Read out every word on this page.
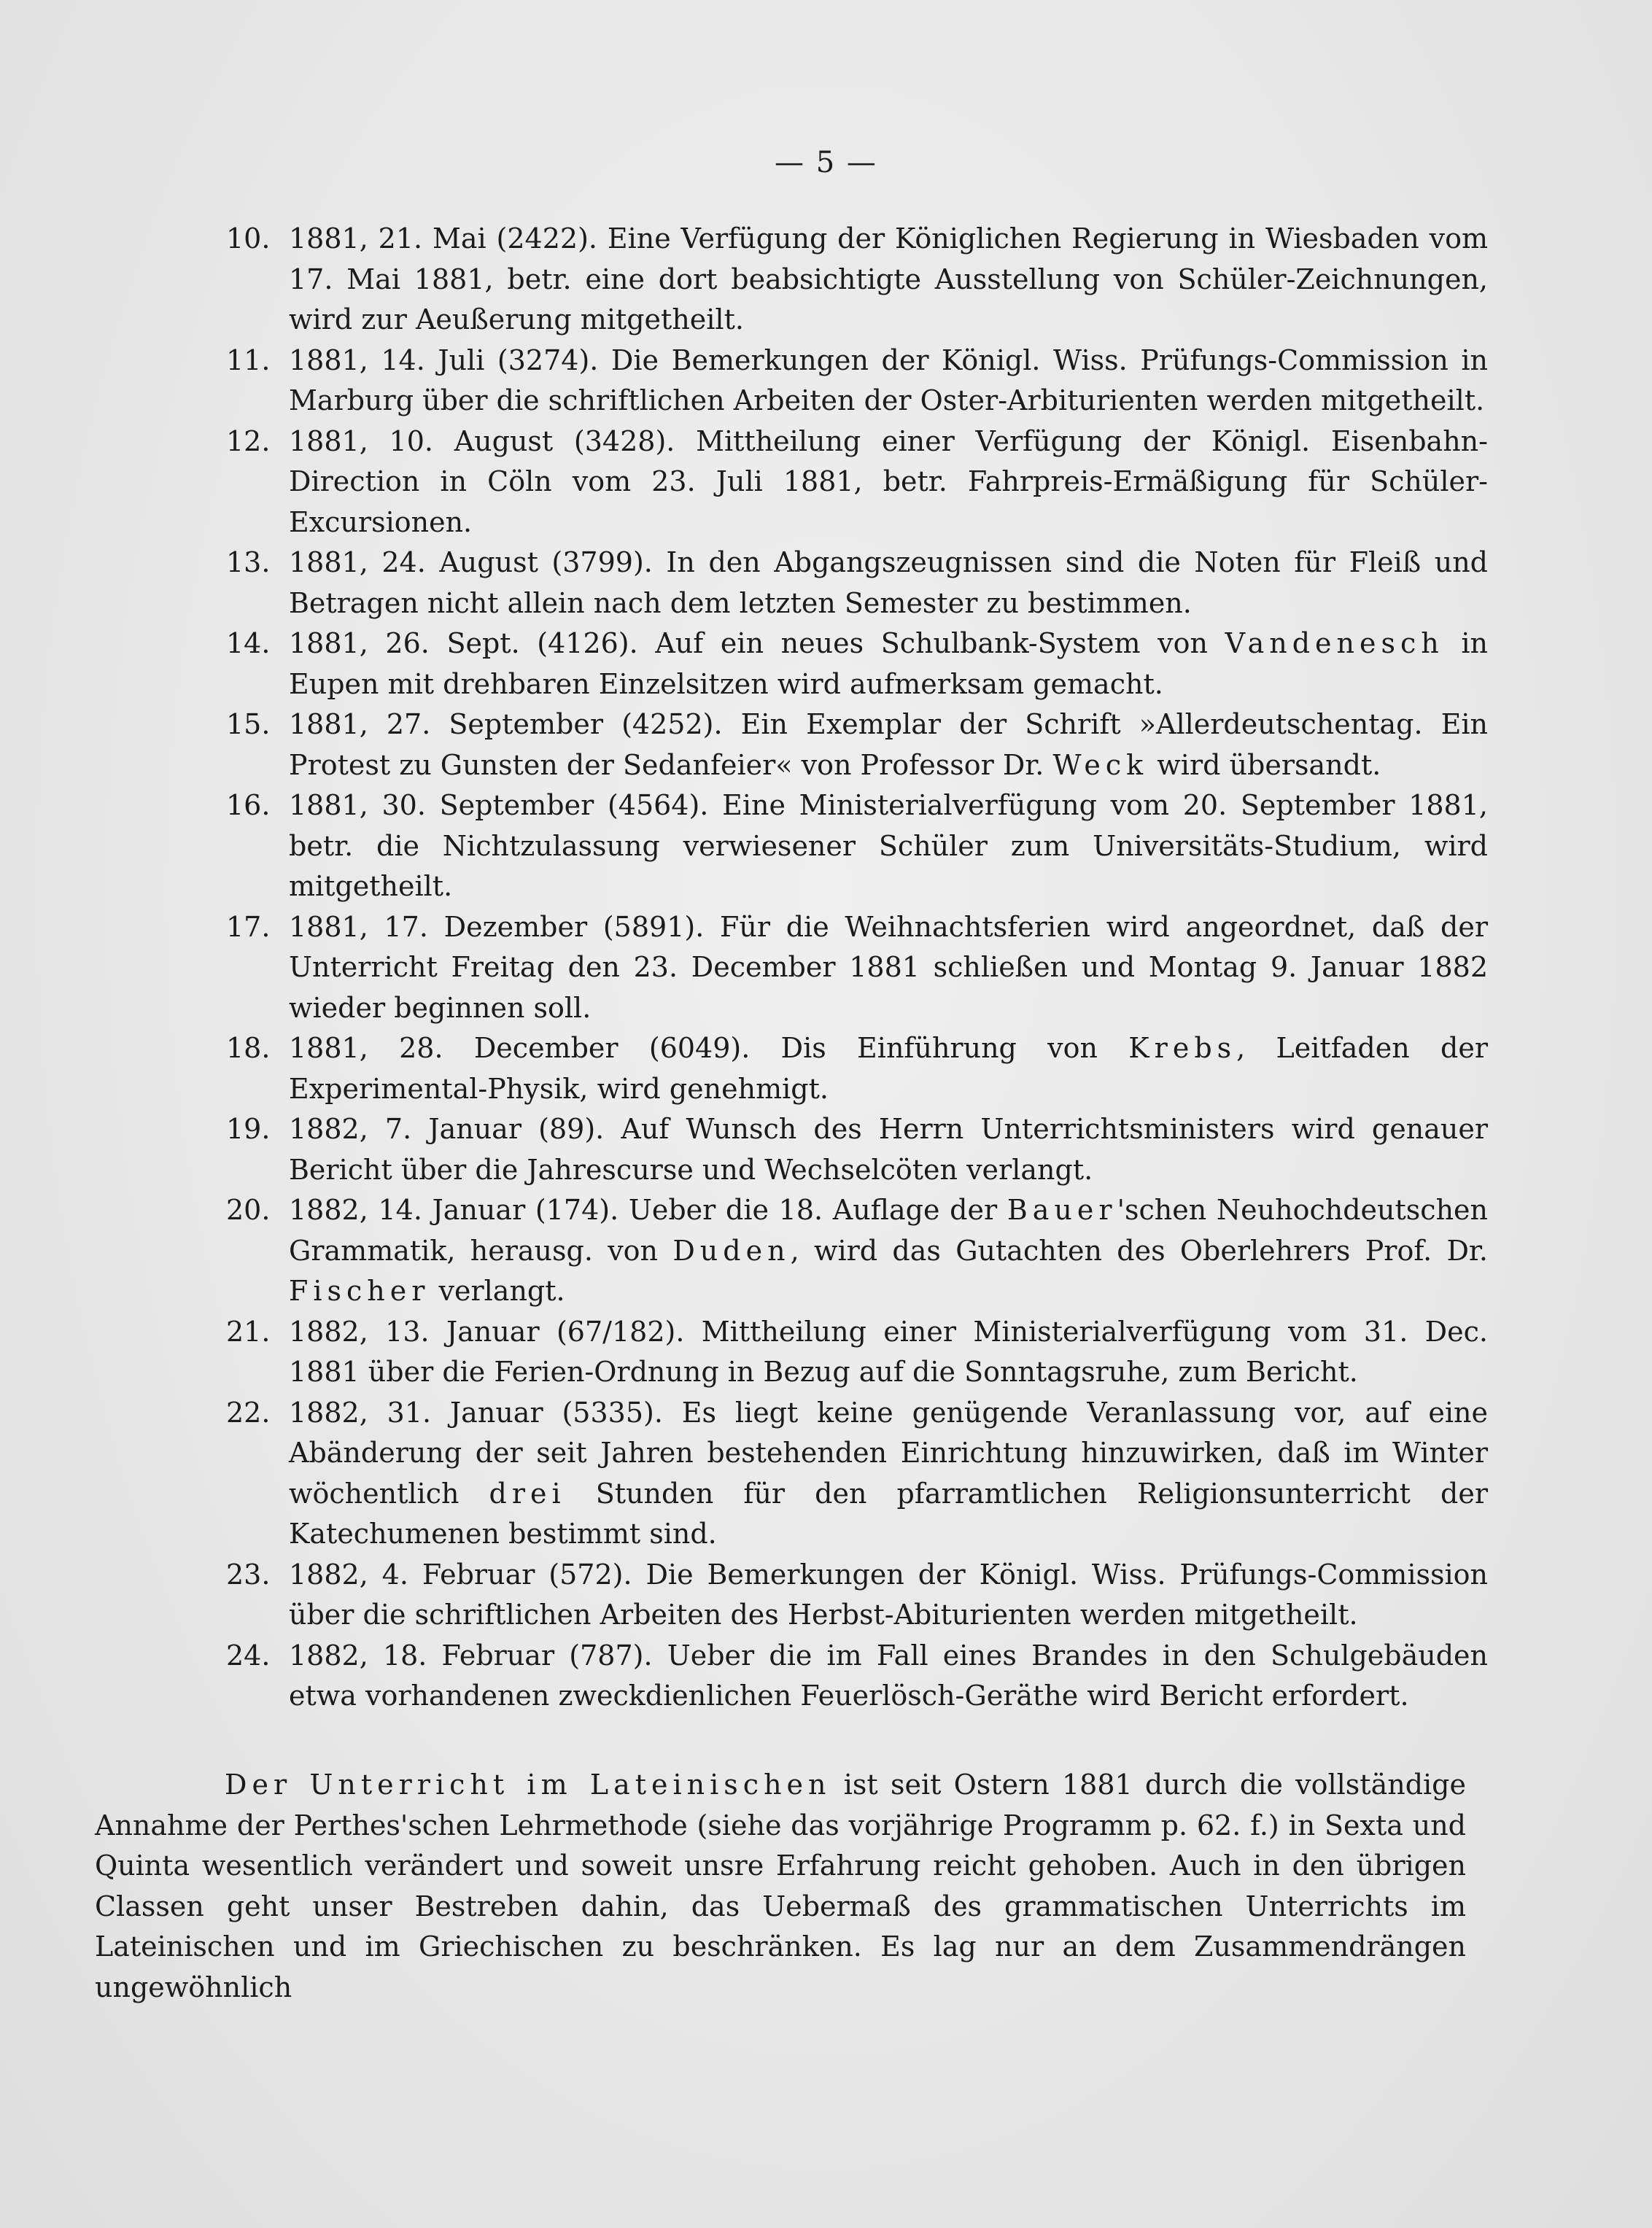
— 5 —
10. 1881, 21. Mai (2422). Eine Verfügung der Königlichen Regierung in Wiesbaden vom 17. Mai 1881, betr. eine dort beabsichtigte Ausstellung von Schüler-Zeichnungen, wird zur Aeußerung mitgetheilt.
11. 1881, 14. Juli (3274). Die Bemerkungen der Königl. Wiss. Prüfungs-Commission in Marburg über die schriftlichen Arbeiten der Oster-Arbiturienten werden mitgetheilt.
12. 1881, 10. August (3428). Mittheilung einer Verfügung der Königl. Eisenbahn-Direction in Cöln vom 23. Juli 1881, betr. Fahrpreis-Ermäßigung für Schüler-Excursionen.
13. 1881, 24. August (3799). In den Abgangszeugnissen sind die Noten für Fleiß und Betragen nicht allein nach dem letzten Semester zu bestimmen.
14. 1881, 26. Sept. (4126). Auf ein neues Schulbank-System von Vandenesch in Eupen mit drehbaren Einzelsitzen wird aufmerksam gemacht.
15. 1881, 27. September (4252). Ein Exemplar der Schrift »Allerdeutschentag. Ein Protest zu Gunsten der Sedanfeier« von Professor Dr. Weck wird übersandt.
16. 1881, 30. September (4564). Eine Ministerialverfügung vom 20. September 1881, betr. die Nichtzulassung verwiesener Schüler zum Universitäts-Studium, wird mitgetheilt.
17. 1881, 17. Dezember (5891). Für die Weihnachtsferien wird angeordnet, daß der Unterricht Freitag den 23. December 1881 schließen und Montag 9. Januar 1882 wieder beginnen soll.
18. 1881, 28. December (6049). Dis Einführung von Krebs, Leitfaden der Experimental-Physik, wird genehmigt.
19. 1882, 7. Januar (89). Auf Wunsch des Herrn Unterrichtsministers wird genauer Bericht über die Jahrescurse und Wechselcöten verlangt.
20. 1882, 14. Januar (174). Ueber die 18. Auflage der Bauer'schen Neuhochdeutschen Grammatik, herausg. von Duden, wird das Gutachten des Oberlehrers Prof. Dr. Fischer verlangt.
21. 1882, 13. Januar (67/182). Mittheilung einer Ministerialverfügung vom 31. Dec. 1881 über die Ferien-Ordnung in Bezug auf die Sonntagsruhe, zum Bericht.
22. 1882, 31. Januar (5335). Es liegt keine genügende Veranlassung vor, auf eine Abänderung der seit Jahren bestehenden Einrichtung hinzuwirken, daß im Winter wöchentlich drei Stunden für den pfarramtlichen Religionsunterricht der Katechumenen bestimmt sind.
23. 1882, 4. Februar (572). Die Bemerkungen der Königl. Wiss. Prüfungs-Commission über die schriftlichen Arbeiten des Herbst-Abiturienten werden mitgetheilt.
24. 1882, 18. Februar (787). Ueber die im Fall eines Brandes in den Schulgebäuden etwa vorhandenen zweckdienlichen Feuerlösch-Geräthe wird Bericht erfordert.
Der Unterricht im Lateinischen ist seit Ostern 1881 durch die vollständige Annahme der Perthes'schen Lehrmethode (siehe das vorjährige Programm p. 62. f.) in Sexta und Quinta wesentlich verändert und soweit unsre Erfahrung reicht gehoben. Auch in den übrigen Classen geht unser Bestreben dahin, das Uebermaß des grammatischen Unterrichts im Lateinischen und im Griechischen zu beschränken. Es lag nur an dem Zusammendrängen ungewöhnlich
